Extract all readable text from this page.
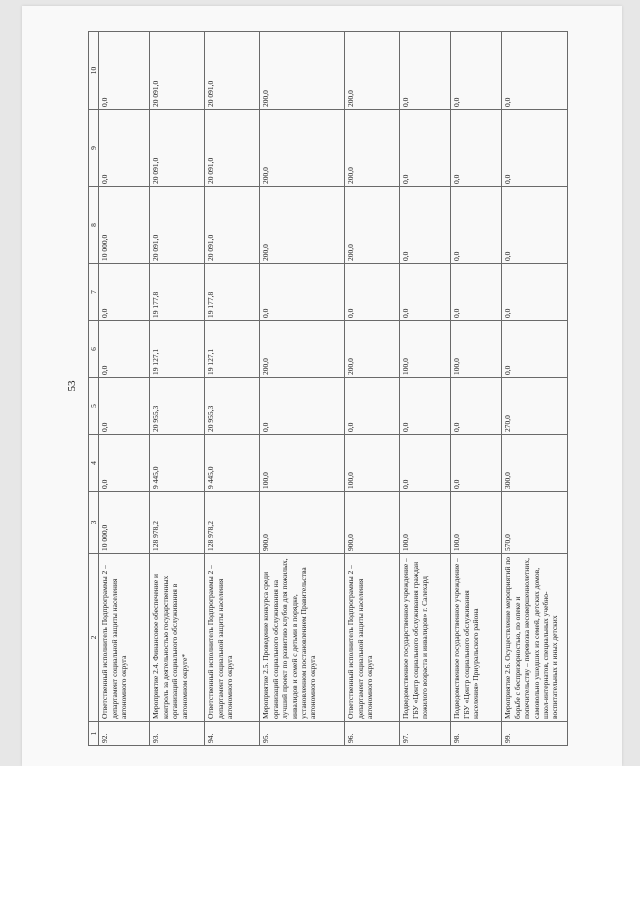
53
1	2	3	4	5	6	7	8	9	10
92.	Ответственный исполнитель Подпрограммы 2 – департамент социальной защиты населения автономного округа	10 000,0	0,0	0,0	0,0	0,0	10 000,0	0,0	0,0
93.	Мероприятие 2.4. Финансовое обеспечение и контроль за деятельностью государственных организаций социального обслуживания в автономном округе*	128 978,2	9 445,0	20 955,3	19 127,1	19 177,8	20 091,0	20 091,0	20 091,0
94.	Ответственный исполнитель Подпрограммы 2 – департамент социальной защиты населения автономного округа	128 978,2	9 445,0	20 955,3	19 127,1	19 177,8	20 091,0	20 091,0	20 091,0
95.	Мероприятие 2.5. Проведение конкурса среди организаций социального обслуживания на лучший проект по развитию клубов для пожилых, инвалидов и семей с детьми в порядке, установленном постановлением Правительства автономного округа	900,0	100,0	0,0	200,0	0,0	200,0	200,0	200,0
96.	Ответственный исполнитель Подпрограммы 2 – департамент социальной защиты населения автономного округа	900,0	100,0	0,0	200,0	0,0	200,0	200,0	200,0
97.	Подведомственное государственное учреждение – ГБУ «Центр социального обслуживания граждан пожилого возраста и инвалидов» г. Салехард	100,0	0,0	0,0	100,0	0,0	0,0	0,0	0,0
98.	Подведомственное государственное учреждение – ГБУ «Центр социального обслуживания населения» Приуральского района	100,0	0,0	0,0	100,0	0,0	0,0	0,0	0,0
99.	Мероприятие 2.6. Осуществление мероприятий по борьбе с беспризорностью, по опеке и попечительству – перевозка несовершеннолетних, самовольно ушедших из семей, детских домов, школ-интернатов, специальных учебно-воспитательных и иных детских	570,0	300,0	270,0	0,0	0,0	0,0	0,0	0,0
